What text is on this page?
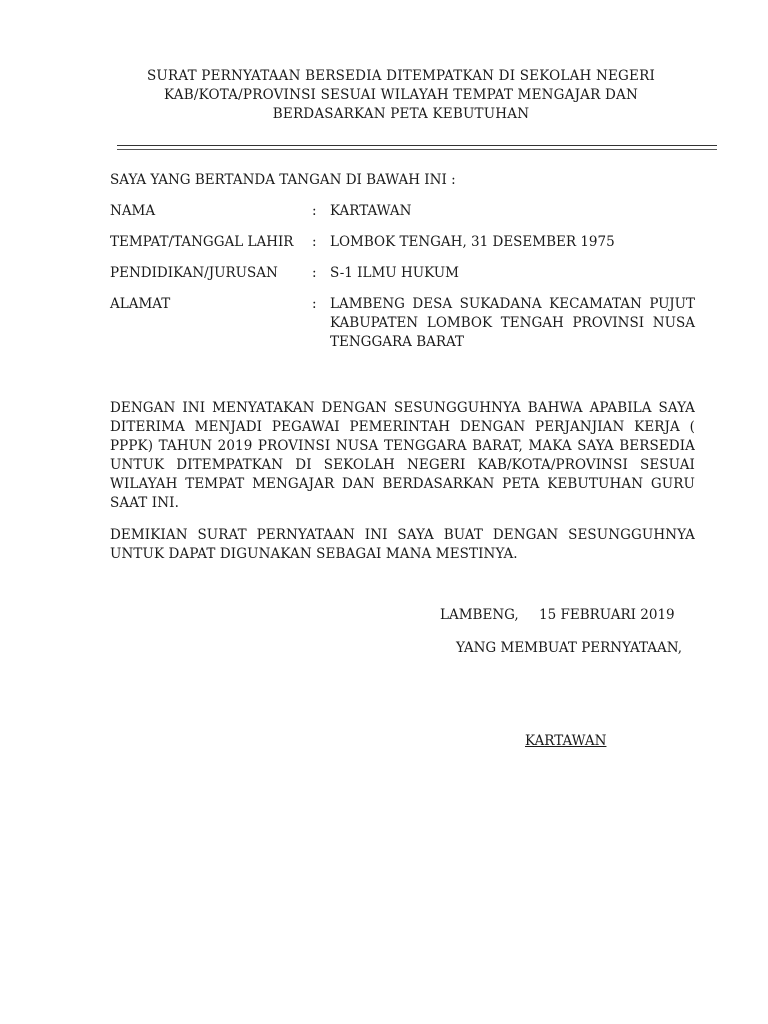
SURAT PERNYATAAN BERSEDIA DITEMPATKAN DI SEKOLAH NEGERI
KAB/KOTA/PROVINSI SESUAI WILAYAH TEMPAT MENGAJAR DAN
BERDASARKAN PETA KEBUTUHAN
SAYA YANG BERTANDA TANGAN DI BAWAH INI :
NAMA	: KARTAWAN
TEMPAT/TANGGAL LAHIR : LOMBOK TENGAH, 31 DESEMBER 1975
PENDIDIKAN/JURUSAN	: S-1 ILMU HUKUM
ALAMAT	: LAMBENG DESA SUKADANA KECAMATAN PUJUT KABUPATEN LOMBOK TENGAH PROVINSI NUSA TENGGARA BARAT
DENGAN INI MENYATAKAN DENGAN SESUNGGUHNYA BAHWA APABILA SAYA DITERIMA MENJADI PEGAWAI PEMERINTAH DENGAN PERJANJIAN KERJA ( PPPK) TAHUN 2019 PROVINSI NUSA TENGGARA BARAT, MAKA SAYA BERSEDIA UNTUK DITEMPATKAN DI SEKOLAH NEGERI KAB/KOTA/PROVINSI SESUAI WILAYAH TEMPAT MENGAJAR DAN BERDASARKAN PETA KEBUTUHAN GURU SAAT INI.
DEMIKIAN SURAT PERNYATAAN INI SAYA BUAT DENGAN SESUNGGUHNYA UNTUK DAPAT DIGUNAKAN SEBAGAI MANA MESTINYA.
LAMBENG, 15 FEBRUARI 2019
YANG MEMBUAT PERNYATAAN,
KARTAWAN
